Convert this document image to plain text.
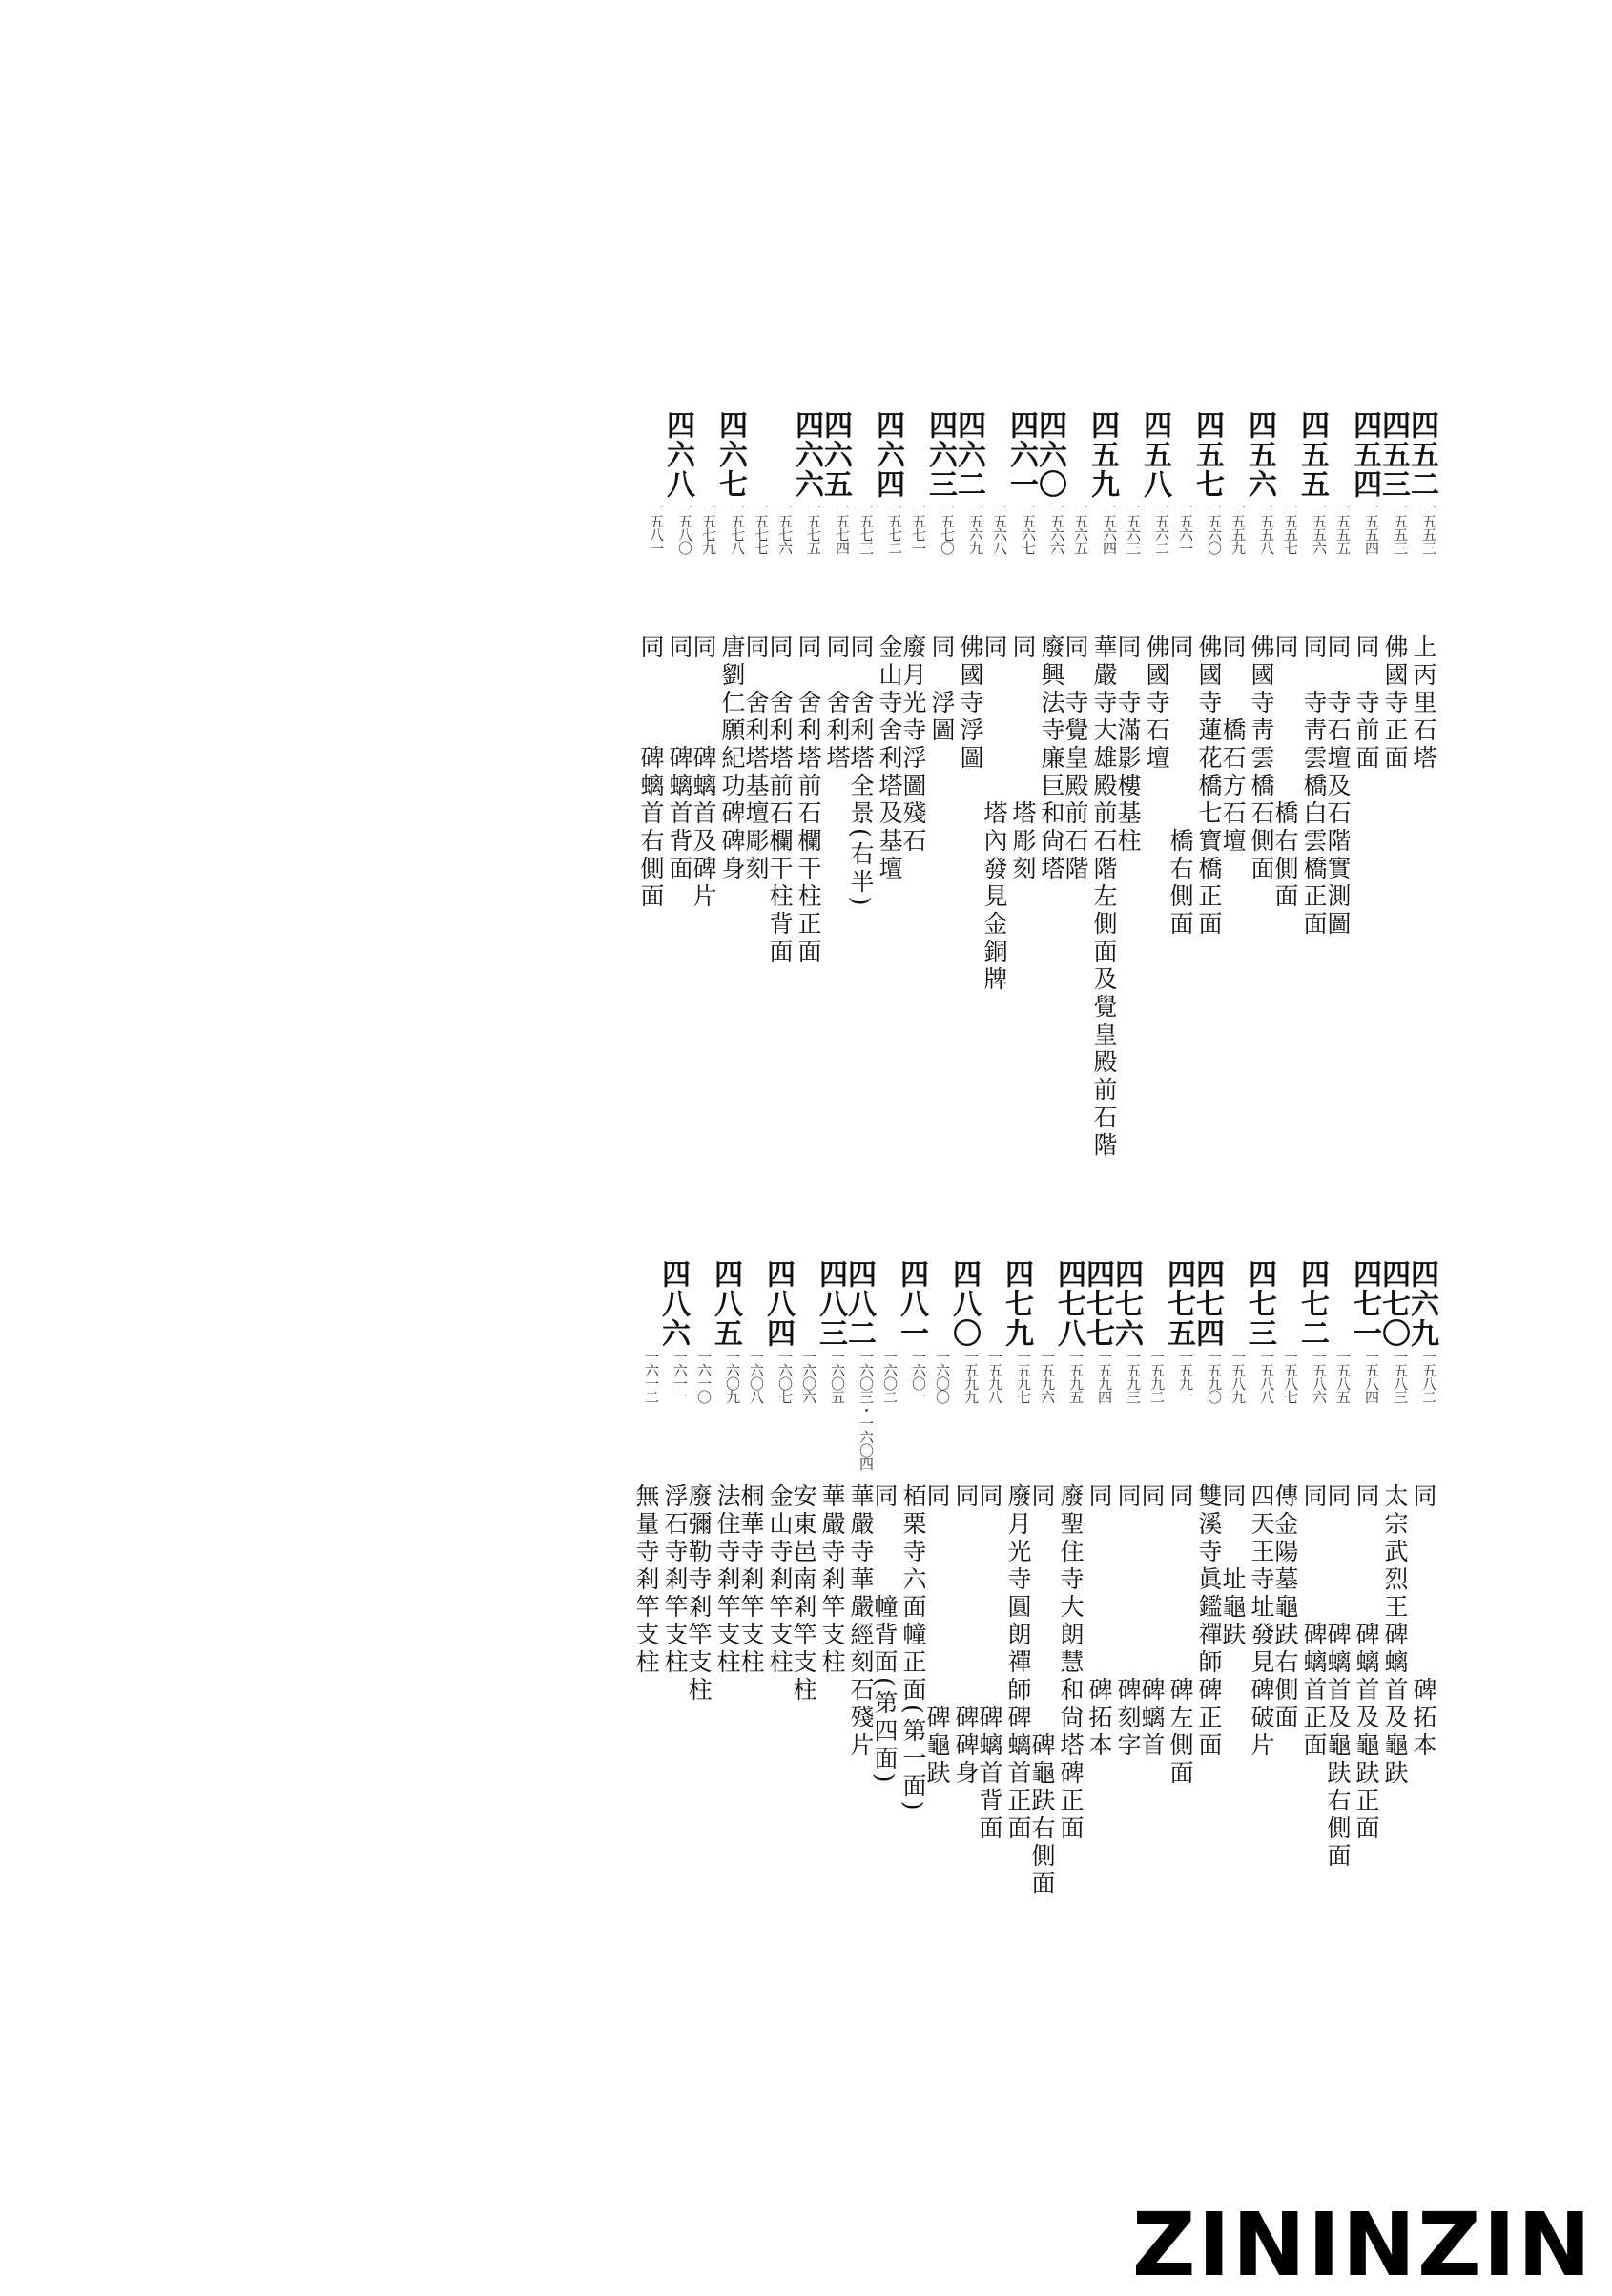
四五二
一五五三
上丙里石塔
四五三
一五五三
佛國寺正面
四五四
一五五四
同　寺前面
一五五五
同　寺石壇及石階實測圖
四五五
一五五六
同　寺靑雲橋白雲橋正面
一五五七
同　　　　　橋右側面
四五六
一五五八
佛國寺靑雲橋石側面
一五五九
同　　橋石方石壇
四五七
一五六〇
佛國寺蓮花橋七寶橋正面
一五六一
同　　　　　　橋右側面
四五八
一五六二
佛國寺石壇
一五六三
同　寺滿影樓基柱
四五九
一五六四
華嚴寺大雄殿前石階左側面及覺皇殿前石階
一五六五
同　寺覺皇殿前石階
四六〇
一五六六
廢興法寺廉巨和尙塔
四六一
一五六七
同　　　　　塔彫刻
一五六八
同　　　　　塔內發見金銅牌
四六二
一五六九
佛國寺浮圖
四六三
一五七〇
同　浮圖
一五七一
廢月光寺浮圖殘石
四六四
一五七二
金山寺舍利塔及基壇
一五七三
同　舍利塔全景(右半)
四六五
一五七四
同　舍利塔
四六六
一五七五
同　舍利塔前石欄干柱正面
一五七六
同　舍利塔前石欄干柱背面
一五七七
同　舍利塔基壇彫刻
四六七
一五七八
唐劉仁願紀功碑碑身
一五七九
同　　　碑螭首及碑片
四六八
一五八〇
同　　　碑螭首背面
一五八一
同　　　碑螭首右側面
四六九
一五八二
同　　　　　　碑拓本
四七〇
一五八三
太宗武烈王碑螭首及龜趺
四七一
一五八四
同　　　　碑螭首及龜趺正面
一五八五
同　　　　碑螭首及龜趺右側面
四七二
一五八六
同　　　　碑螭首正面
一五八七
傳金陽墓龜趺右側面
四七三
一五八八
四天王寺址發見碑破片
一五八九
同　　址龜趺
四七四
一五九〇
雙溪寺眞鑑禪師碑正面
四七五
一五九一
同　　　　　　碑左側面
一五九二
同　　　　　　碑螭首
四七六
一五九三
同　　　　　　碑刻字
四七七
一五九四
同　　　　　　碑拓本
四七八
一五九五
廢聖住寺大朗慧和尙塔碑正面
一五九六
同　　　　　　　　碑龜趺右側面
四七九
一五九七
廢月光寺圓朗禪師碑螭首正面
一五九八
同　　　　　　　碑螭首背面
四八〇
一五九九
同　　　　　　　碑碑身
一六〇〇
同　　　　　　　碑龜趺
四八一
一六〇一
栢栗寺六面幢正面(第一面)
一六〇二
同　　　幢背面(第四面)
四八二
一六〇三・一六〇四
華嚴寺華嚴經刻石殘片
四八三
一六〇五
華嚴寺剎竿支柱
一六〇六
安東邑南剎竿支柱
四八四
一六〇七
金山寺剎竿支柱
一六〇八
桐華寺剎竿支柱
四八五
一六〇九
法住寺剎竿支柱
一六一〇
廢彌勒寺剎竿支柱
四八六
一六一一
浮石寺剎竿支柱
一六一二
無量寺剎竿支柱
ZININZIN
